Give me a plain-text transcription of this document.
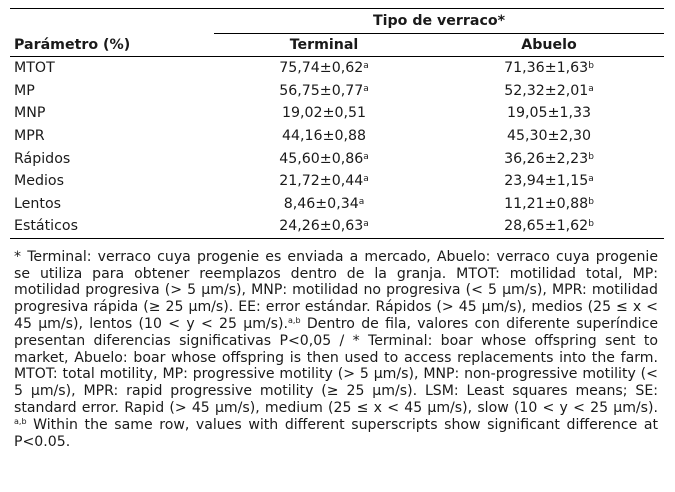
	Tipo de verraco*	
Parámetro (%)	Terminal	Abuelo
MTOT	75,74±0,62$^a$	71,36±1,63$^b$
MP	56,75±0,77$^a$	52,32±2,01$^a$
MNP	19,02±0,51	19,05±1,33
MPR	44,16±0,88	45,30±2,30
Rápidos	45,60±0,86$^a$	36,26±2,23$^b$
Medios	21,72±0,44$^a$	23,94±1,15$^a$
Lentos	8,46±0,34$^a$	11,21±0,88$^b$
Estáticos	24,26±0,63$^a$	28,65±1,62$^b$
* Terminal: verraco cuya progenie es enviada a mercado, Abuelo: verraco cuya progenie se utiliza para obtener reemplazos dentro de la granja. MTOT: motilidad total, MP: motilidad progresiva (> 5 µm/s), MNP: motilidad no progresiva (< 5 µm/s), MPR: motilidad progresiva rápida (≥ 25 µm/s). EE: error estándar. Rápidos (> 45 µm/s), medios (25 ≤ x < 45 µm/s), lentos (10 < y < 25 µm/s).$^{a,b}$ Dentro de fila, valores con diferente superíndice presentan diferencias significativas P<0,05 / * Terminal: boar whose offspring sent to market, Abuelo: boar whose offspring is then used to access replacements into the farm. MTOT: total motility, MP: progressive motility (> 5 µm/s), MNP: non-progressive motility (< 5 µm/s), MPR: rapid progressive motility (≥ 25 µm/s). LSM: Least squares means; SE: standard error. Rapid (> 45 µm/s), medium (25 ≤ x < 45 µm/s), slow (10 < y < 25 µm/s). $^{a,b}$ Within the same row, values with different superscripts show significant difference at P<0.05.
